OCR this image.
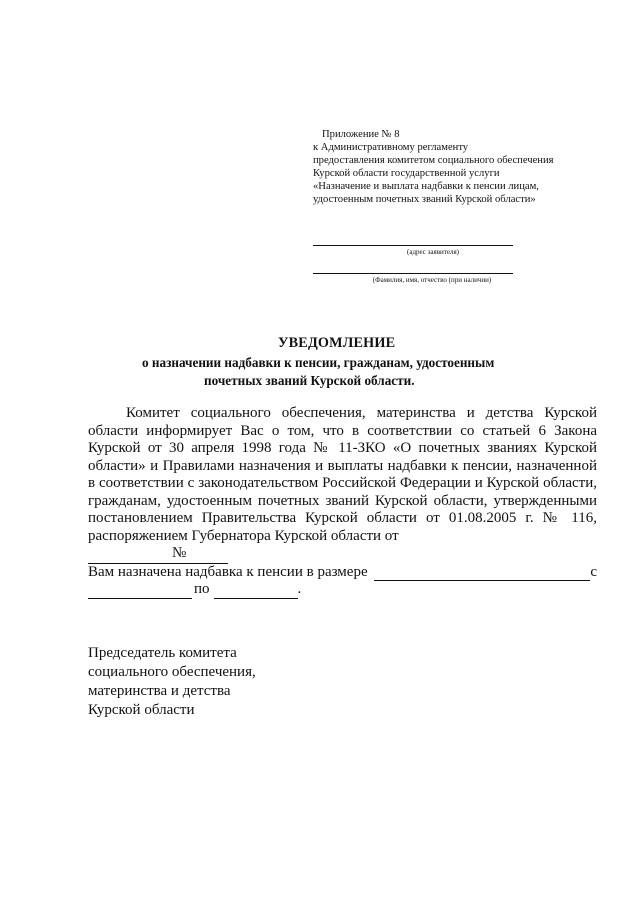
Приложение № 8
к Административному регламенту
предоставления комитетом социального обеспечения
Курской области государственной услуги
«Назначение и выплата надбавки к пенсии лицам,
удостоенным почетных званий Курской области»
(адрес заявителя)
(Фамилия, имя, отчество (при наличии)
УВЕДОМЛЕНИЕ
о назначении надбавки к пенсии, гражданам, удостоенным
почетных званий Курской области.

Комитет социального обеспечения, материнства и детства Курской области информирует Вас о том, что в соответствии со статьей 6 Закона Курской от 30 апреля 1998 года № 11-ЗКО «О почетных званиях Курской области» и Правилами назначения и выплаты надбавки к пенсии, назначенной в соответствии с законодательством Российской Федерации и Курской области, гражданам, удостоенным почетных званий Курской области, утвержденными постановлением Правительства Курской области от 01.08.2005 г. № 116, распоряжением Губернатора Курской области от

№
Вам назначена надбавка к пенсии в размере	с
по	.
Председатель комитета
социального обеспечения,
материнства и детства
Курской области
